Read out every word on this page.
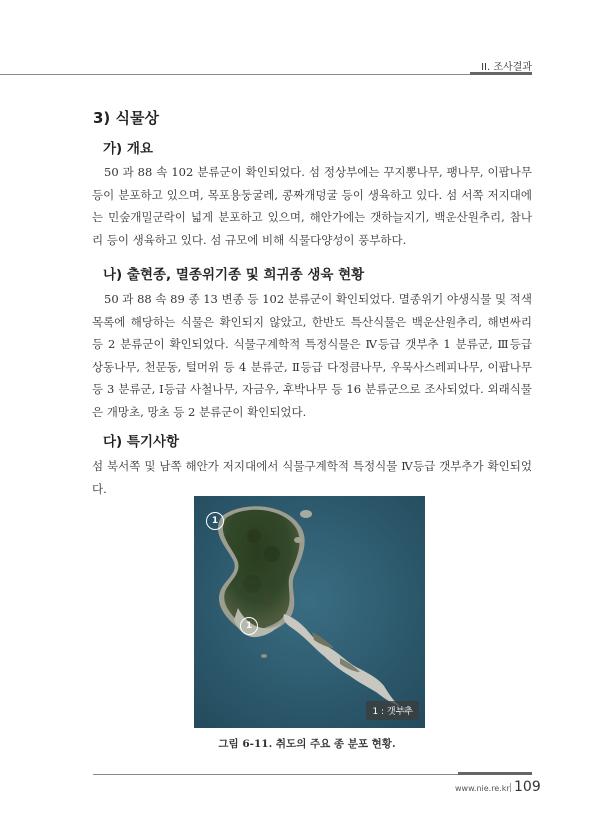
II. 조사결과
3) 식물상
가) 개요

50 과 88 속 102 분류군이 확인되었다. 섬 정상부에는 꾸지뽕나무, 팽나무, 이팝나무 등이 분포하고 있으며, 목포용둥굴레, 콩짜개덩굴 등이 생육하고 있다. 섬 서쪽 저지대에는 민숲개밀군락이 넓게 분포하고 있으며, 해안가에는 갯하늘지기, 백운산원추리, 참나리 등이 생육하고 있다. 섬 규모에 비해 식물다양성이 풍부하다.

나) 출현종, 멸종위기종 및 희귀종 생육 현황

50 과 88 속 89 종 13 변종 등 102 분류군이 확인되었다. 멸종위기 야생식물 및 적색목록에 해당하는 식물은 확인되지 않았고, 한반도 특산식물은 백운산원추리, 해변싸리 등 2 분류군이 확인되었다. 식물구계학적 특정식물은 Ⅳ등급 갯부추 1 분류군, Ⅲ등급 상동나무, 천문동, 털머위 등 4 분류군, Ⅱ등급 다정큼나무, 우묵사스레피나무, 이팝나무 등 3 분류군, Ⅰ등급 사철나무, 자금우, 후박나무 등 16 분류군으로 조사되었다. 외래식물은 개망초, 망초 등 2 분류군이 확인되었다.

다) 특기사항

섬 북서쪽 및 남쪽 해안가 저지대에서 식물구계학적 특정식물 Ⅳ등급 갯부추가 확인되었다.

1
1
1 : 갯부추
그림 6-11. 취도의 주요 종 분포 현황.
www.nie.re.kr | 109
